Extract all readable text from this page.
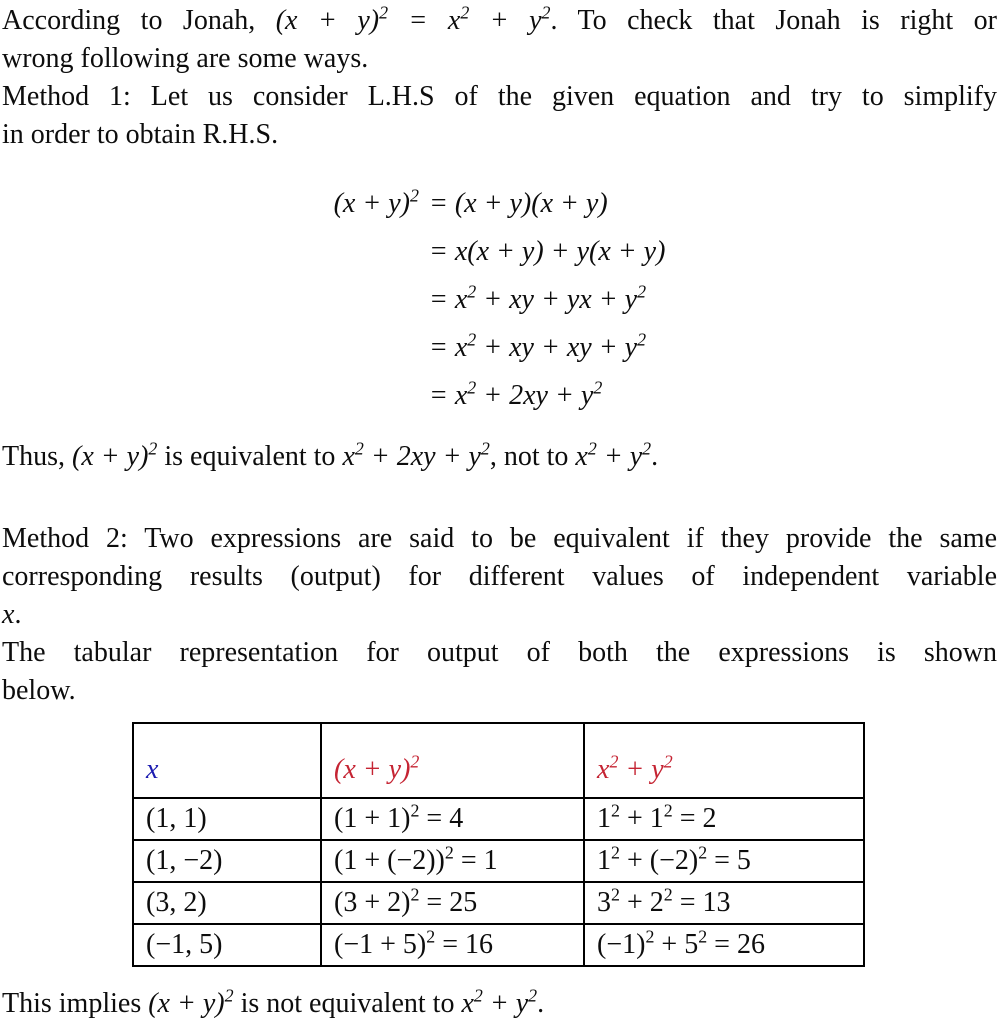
According to Jonah, $(x + y)^2 = x^2 + y^2$. To check that Jonah is right or

wrong following are some ways.

Method 1: Let us consider L.H.S of the given equation and try to simplify

in order to obtain R.H.S.

$(x + y)^2 = (x + y)(x + y)$
= x(x + y) + y(x + y)
= $x^2$ + xy + yx + $y^2$
= $x^2$ + xy + xy + $y^2$
= $x^2 + 2xy + y^2$

Thus, $(x + y)^2$ is equivalent to $x^2 + 2xy + y^2$, not to $x^2 + y^2$.

Method 2: Two expressions are said to be equivalent if they provide the same

corresponding results (output) for different values of independent variable

x.

The tabular representation for output of both the expressions is shown

below.

x	$(x + y)^2$	$x^2 + y^2$
(1, 1)	$(1 + 1)^2 = 4$	$1^2 + 1^2 = 2$
(1, −2)	$(1 + (-2))^2 = 1$	$1^2 + (-2)^2 = 5$
(3, 2)	$(3 + 2)^2 = 25$	$3^2 + 2^2 = 13$
(−1, 5)	$(-1 + 5)^2 = 16$	$(-1)^2 + 5^2 = 26$

This implies $(x + y)^2$ is not equivalent to $x^2 + y^2$.
